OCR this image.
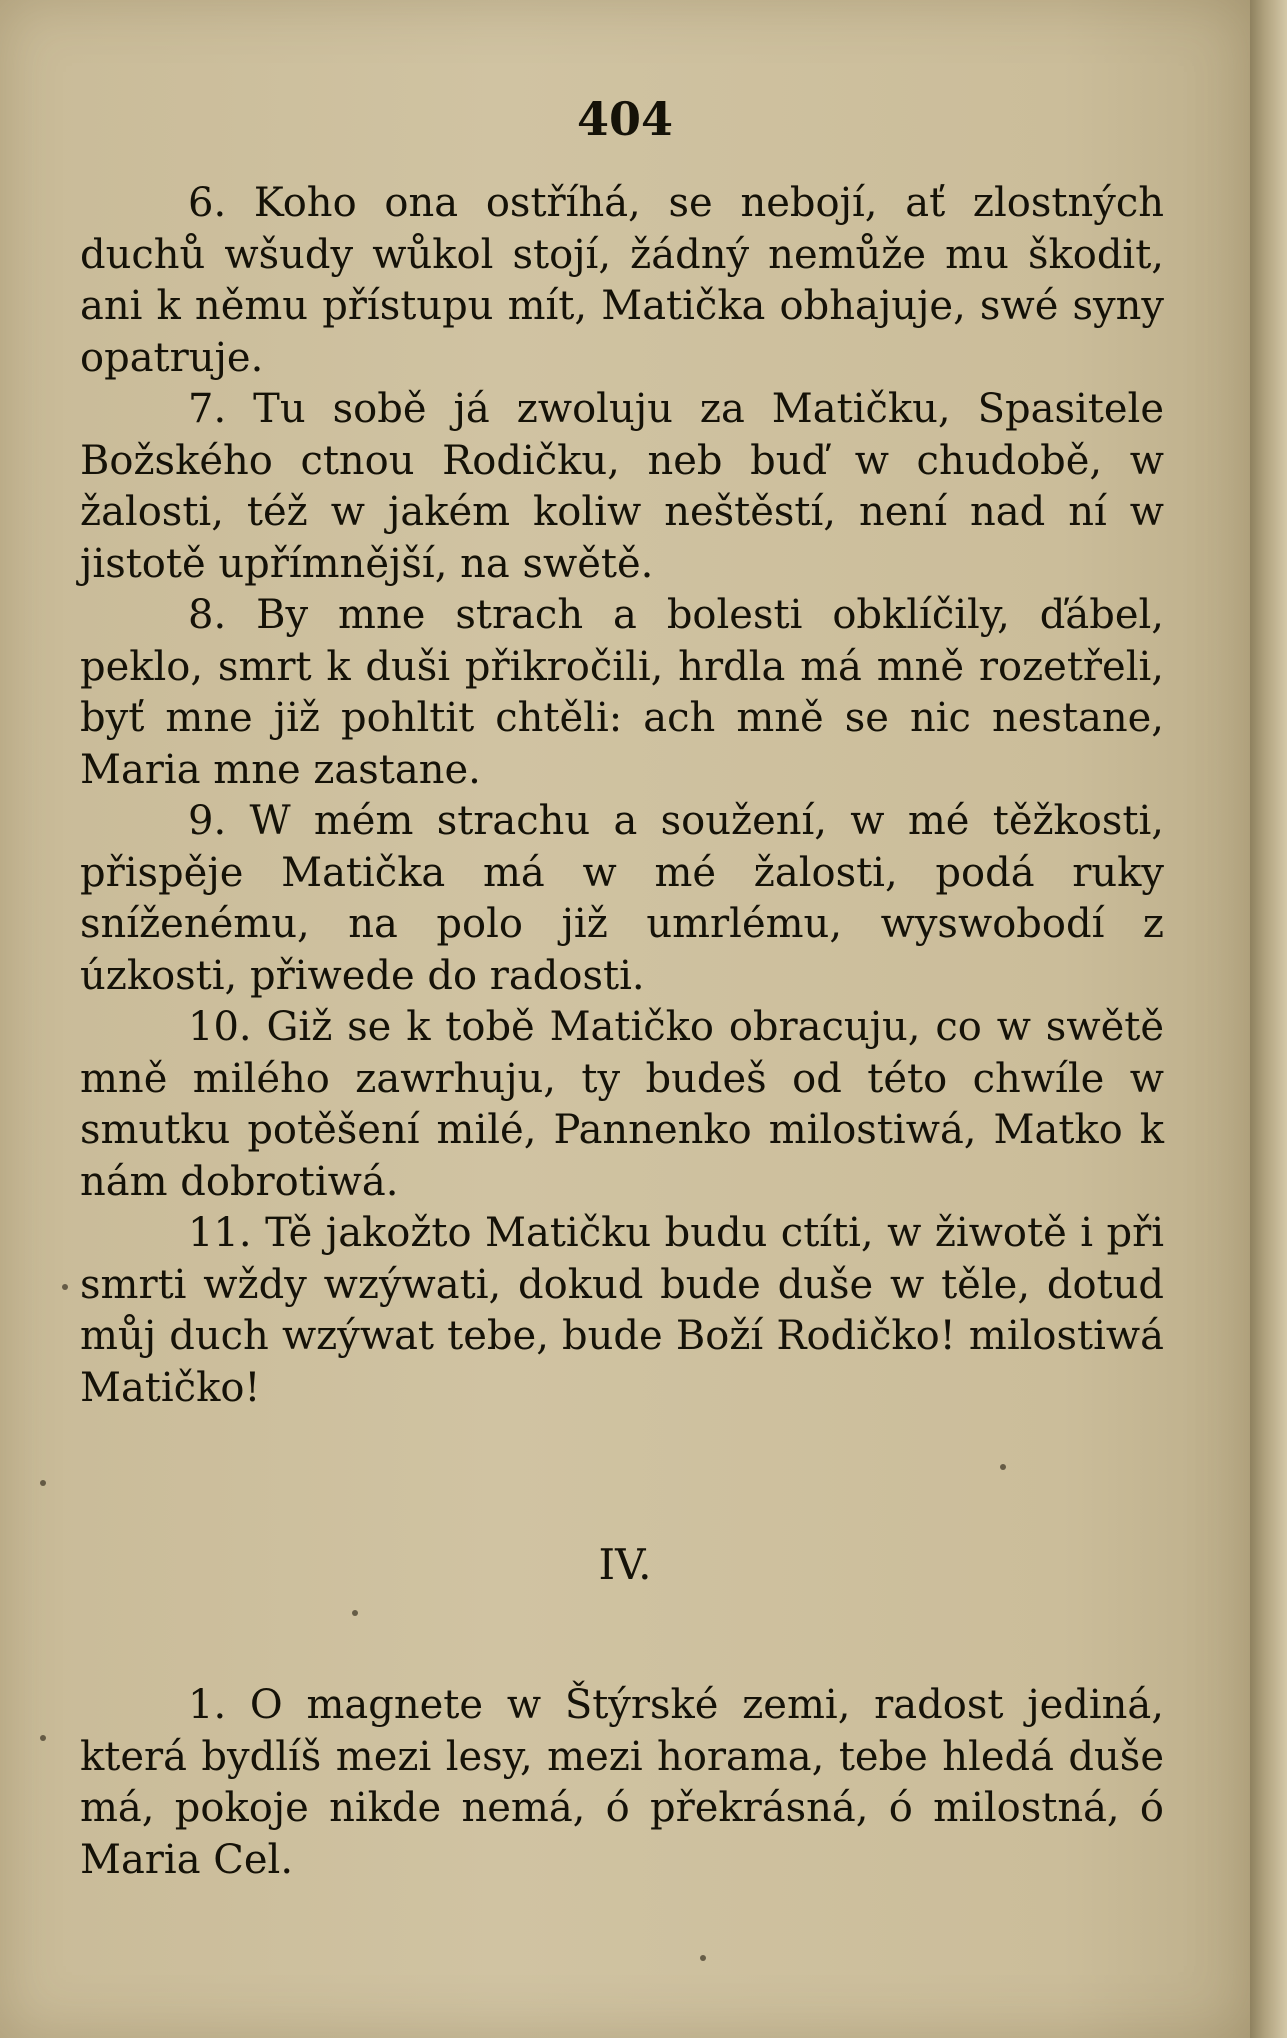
404

6. Koho ona ostříhá, se nebojí, ať zlostných duchů wšudy wůkol stojí, žádný nemůže mu škodit, ani k němu přístupu mít, Matička obhajuje, swé syny opatruje.

7. Tu sobě já zwoluju za Matičku, Spasitele Božského ctnou Rodičku, neb buď w chudobě, w žalosti, též w jakém koliw neštěstí, není nad ní w jistotě upřímnější, na swětě.

8. By mne strach a bolesti obklíčily, ďábel, peklo, smrt k duši přikročili, hrdla má mně rozetřeli, byť mne již pohltit chtěli: ach mně se nic nestane, Maria mne zastane.

9. W mém strachu a soužení, w mé těžkosti, přispěje Matička má w mé žalosti, podá ruky sníženému, na polo již umrlému, wyswobodí z úzkosti, přiwede do radosti.

10. Giž se k tobě Matičko obracuju, co w swětě mně milého zawrhuju, ty budeš od této chwíle w smutku potěšení milé, Pannenko milostiwá, Matko k nám dobrotiwá.

11. Tě jakožto Matičku budu ctíti, w žiwotě i při smrti wždy wzýwati, dokud bude duše w těle, dotud můj duch wzýwat tebe, bude Boží Rodičko! milostiwá Matičko!

IV.

1. O magnete w Štýrské zemi, radost jediná, která bydlíš mezi lesy, mezi horama, tebe hledá duše má, pokoje nikde nemá, ó překrásná, ó milostná, ó Maria Cel.
